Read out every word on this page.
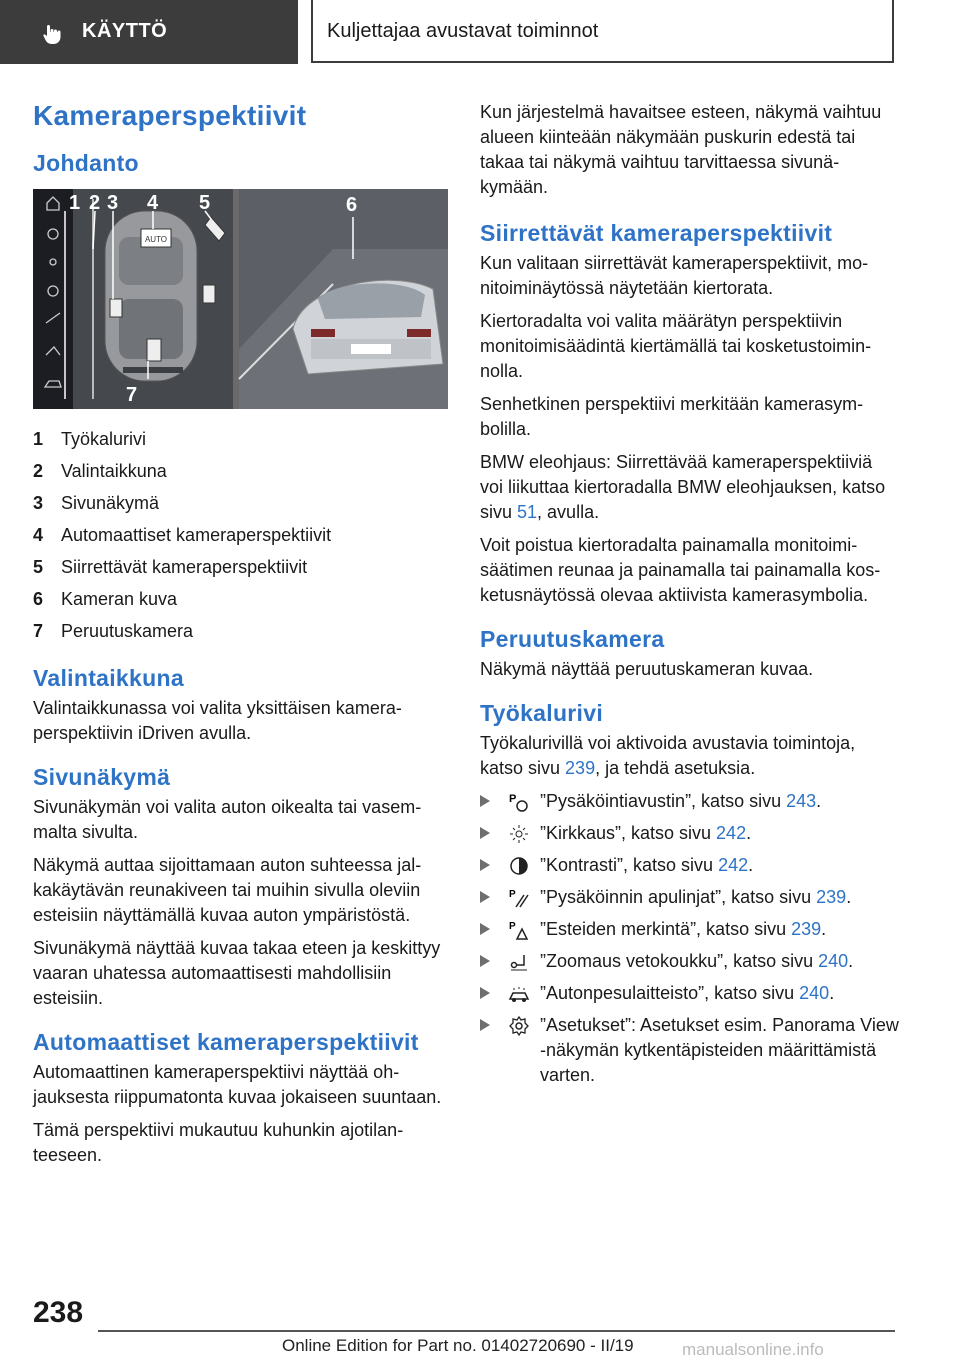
KÄYTTÖ	Kuljettajaa avustavat toiminnot
Kameraperspektiivit
Johdanto
AUTO
1 2 3 4 5	6
7
1 Työkalurivi
2 Valintaikkuna
3 Sivunäkymä
4 Automaattiset kameraperspektiivit
5 Siirrettävät kameraperspektiivit
6 Kameran kuva
7 Peruutuskamera
Valintaikkuna

Valintaikkunassa voi valita yksittäisen kameraperspektiivin iDriven avulla.

Sivunäkymä

Sivunäkymän voi valita auton oikealta tai vasemmalta sivulta.

Näkymä auttaa sijoittamaan auton suhteessa jalkakäytävän reunakiveen tai muihin sivulla oleviin esteisiin näyttämällä kuvaa auton ympäristöstä.

Sivunäkymä näyttää kuvaa takaa eteen ja keskittyy vaaran uhatessa automaattisesti mahdollisiin esteisiin.

Automaattiset kameraperspektiivit

Automaattinen kameraperspektiivi näyttää ohjauksesta riippumatonta kuvaa jokaiseen suuntaan.

Tämä perspektiivi mukautuu kuhunkin ajotilanteeseen.

Kun järjestelmä havaitsee esteen, näkymä vaihtuu alueen kiinteään näkymään puskurin edestä tai takaa tai näkymä vaihtuu tarvittaessa sivunäkymään.

Siirrettävät kameraperspektiivit

Kun valitaan siirrettävät kameraperspektiivit, monitoiminäytössä näytetään kiertorata.

Kiertoradalta voi valita määrätyn perspektiivin monitoimisäädintä kiertämällä tai kosketustoiminnolla.

Senhetkinen perspektiivi merkitään kamerasymbolilla.

BMW eleohjaus: Siirrettävää kameraperspektiiviä voi liikuttaa kiertoradalla BMW eleohjauksen, katso sivu 51, avulla.

Voit poistua kiertoradalta painamalla monitoimisäätimen reunaa ja painamalla tai painamalla kosketusnäytössä olevaa aktiivista kamerasymbolia.

Peruutuskamera

Näkymä näyttää peruutuskameran kuvaa.

Työkalurivi

Työkalurivillä voi aktivoida avustavia toimintoja, katso sivu 239, ja tehdä asetuksia.

P ”Pysäköintiavustin”, katso sivu 243.
”Kirkkaus”, katso sivu 242.
”Kontrasti”, katso sivu 242.
P ”Pysäköinnin apulinjat”, katso sivu 239.
P ”Esteiden merkintä”, katso sivu 239.
”Zoomaus vetokoukku”, katso sivu 240.
”Autonpesulaitteisto”, katso sivu 240.
”Asetukset”: Asetukset esim. Panorama View ‑näkymän kytkentäpisteiden määrittämistä varten.
238
Online Edition for Part no. 01402720690 - II/19	manualsonline.info
